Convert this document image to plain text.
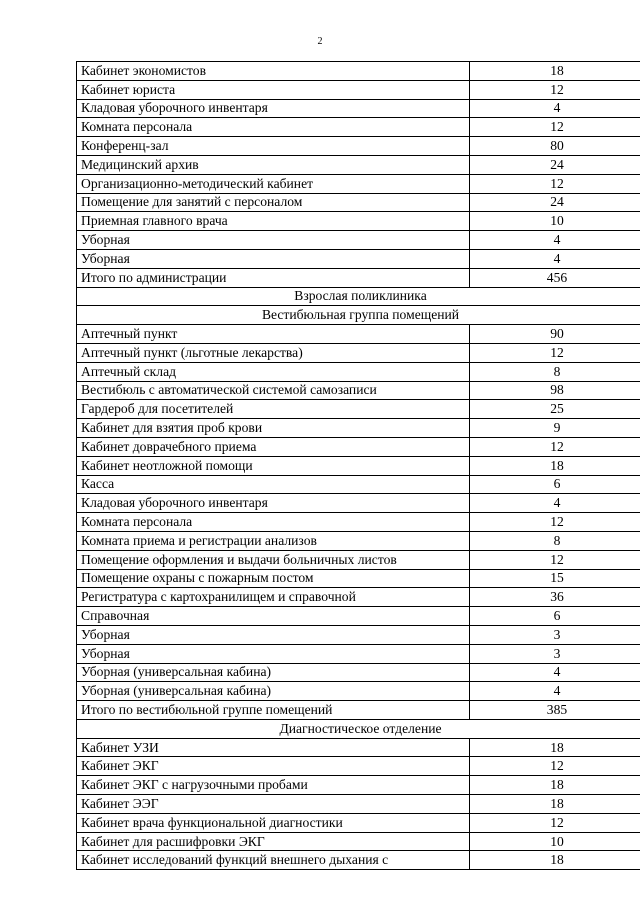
2
Кабинет экономистов	18
Кабинет юриста	12
Кладовая уборочного инвентаря	4
Комната персонала	12
Конференц-зал	80
Медицинский архив	24
Организационно-методический кабинет	12
Помещение для занятий с персоналом	24
Приемная главного врача	10
Уборная	4
Уборная	4
Итого по администрации	456
Взрослая поликлиника	
Вестибюльная группа помещений	
Аптечный пункт	90
Аптечный пункт (льготные лекарства)	12
Аптечный склад	8
Вестибюль с автоматической системой самозаписи	98
Гардероб для посетителей	25
Кабинет для взятия проб крови	9
Кабинет доврачебного приема	12
Кабинет неотложной помощи	18
Касса	6
Кладовая уборочного инвентаря	4
Комната персонала	12
Комната приема и регистрации анализов	8
Помещение оформления и выдачи больничных листов	12
Помещение охраны с пожарным постом	15
Регистратура с картохранилищем и справочной	36
Справочная	6
Уборная	3
Уборная	3
Уборная (универсальная кабина)	4
Уборная (универсальная кабина)	4
Итого по вестибюльной группе помещений	385
Диагностическое отделение	
Кабинет УЗИ	18
Кабинет ЭКГ	12
Кабинет ЭКГ с нагрузочными пробами	18
Кабинет ЭЭГ	18
Кабинет врача функциональной диагностики	12
Кабинет для расшифровки ЭКГ	10
Кабинет исследований функций внешнего дыхания с	18
